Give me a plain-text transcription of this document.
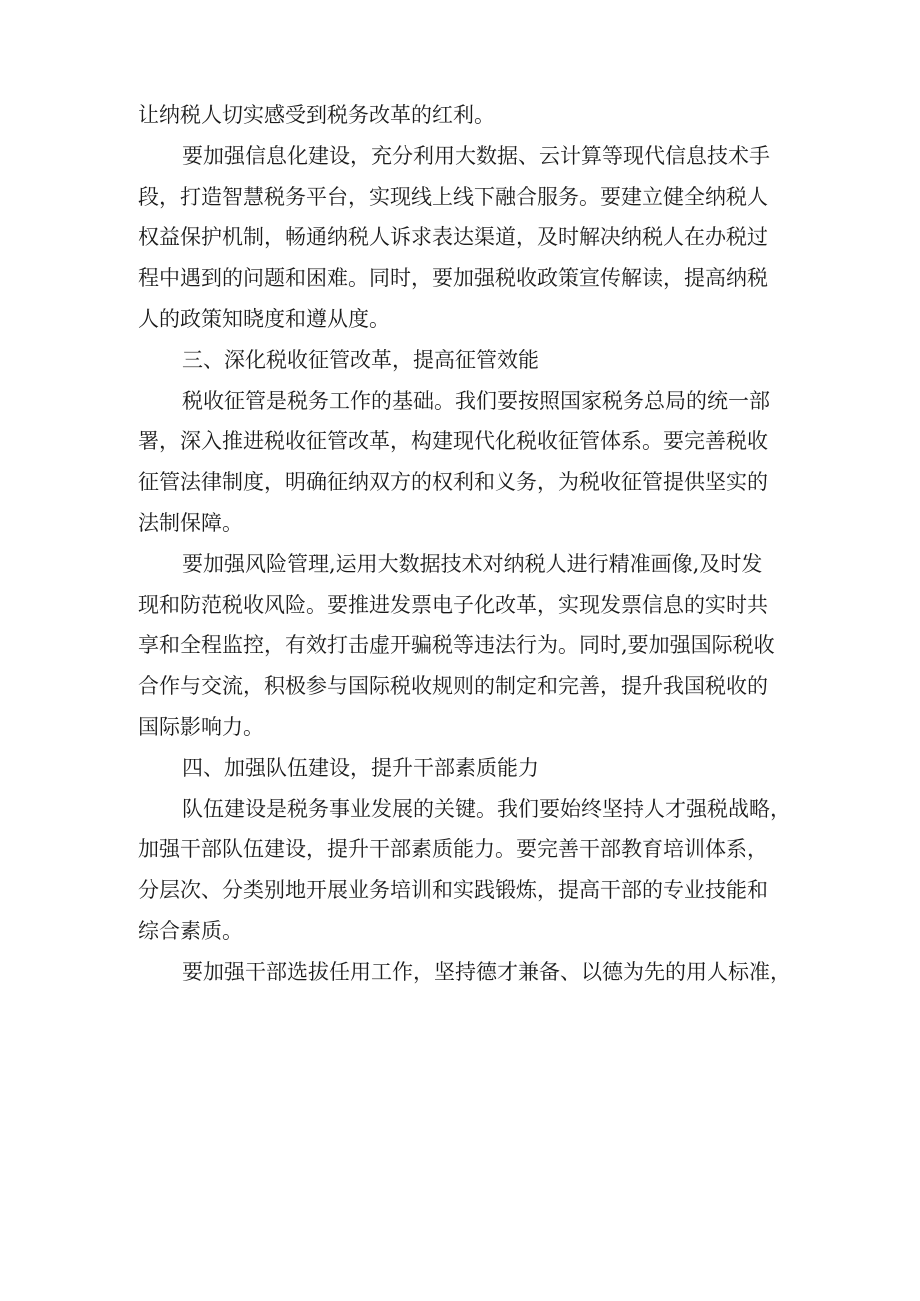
让纳税人切实感受到税务改革的红利。
要加强信息化建设，充分利用大数据、云计算等现代信息技术手
段，打造智慧税务平台，实现线上线下融合服务。要建立健全纳税人
权益保护机制，畅通纳税人诉求表达渠道，及时解决纳税人在办税过
程中遇到的问题和困难。同时，要加强税收政策宣传解读，提高纳税
人的政策知晓度和遵从度。
三、深化税收征管改革，提高征管效能
税收征管是税务工作的基础。我们要按照国家税务总局的统一部
署，深入推进税收征管改革，构建现代化税收征管体系。要完善税收
征管法律制度，明确征纳双方的权利和义务，为税收征管提供坚实的
法制保障。
要加强风险管理,运用大数据技术对纳税人进行精准画像,及时发
现和防范税收风险。要推进发票电子化改革，实现发票信息的实时共
享和全程监控，有效打击虚开骗税等违法行为。同时,要加强国际税收
合作与交流，积极参与国际税收规则的制定和完善，提升我国税收的
国际影响力。
四、加强队伍建设，提升干部素质能力
队伍建设是税务事业发展的关键。我们要始终坚持人才强税战略，
加强干部队伍建设，提升干部素质能力。要完善干部教育培训体系，
分层次、分类别地开展业务培训和实践锻炼，提高干部的专业技能和
综合素质。
要加强干部选拔任用工作，坚持德才兼备、以德为先的用人标准，
